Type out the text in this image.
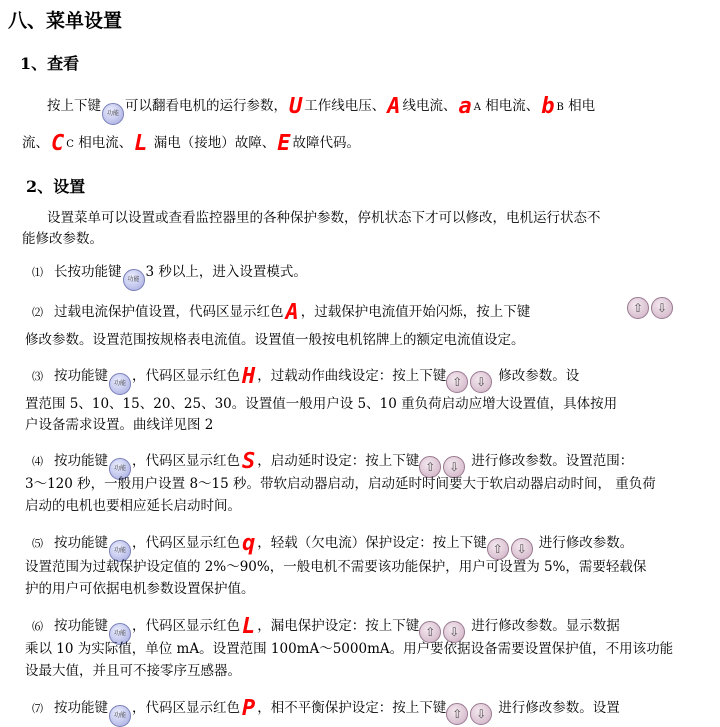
八、菜单设置
1、查看
按上下键 功能 可以翻看电机的运行参数，U 工作线电压、A 线电流、a A 相电流、b B 相电
流、C C 相电流、L 漏电（接地）故障、E 故障代码。
2、设置
设置菜单可以设置或查看监控器里的各种保护参数，停机状态下才可以修改，电机运行状态不
能修改参数。
⑴ 长按功能键 功能 3 秒以上，进入设置模式。
⑵ 过载电流保护值设置，代码区显示红色A ，过载保护电流值开始闪烁，按上下键	⇧ ⇩
修改参数。设置范围按规格表电流值。设置值一般按电机铭牌上的额定电流值设定。
⑶ 按功能键 功能 ，代码区显示红色H ，过载动作曲线设定：按上下键 ⇧ ⇩ 修改参数。设
置范围 5、10、15、20、25、30。设置值一般用户设 5、10 重负荷启动应增大设置值，具体按用
户设备需求设置。曲线详见图 2
⑷ 按功能键 功能 ，代码区显示红色S ，启动延时设定：按上下键 ⇧ ⇩ 进行修改参数。设置范围：
3～120 秒，一般用户设置 8～15 秒。带软启动器启动，启动延时时间要大于软启动器启动时间， 重负荷
启动的电机也要相应延长启动时间。
⑸ 按功能键 功能 ，代码区显示红色q ，轻载（欠电流）保护设定：按上下键 ⇧ ⇩ 进行修改参数。
设置范围为过载保护设定值的 2%～90%，一般电机不需要该功能保护，用户可设置为 5%，需要轻载保
护的用户可依据电机参数设置保护值。
⑹ 按功能键 功能 ，代码区显示红色L ，漏电保护设定：按上下键 ⇧ ⇩ 进行修改参数。显示数据
乘以 10 为实际值，单位 mA。设置范围 100mA～5000mA。用户要依据设备需要设置保护值，不用该功能
设最大值，并且可不接零序互感器。
⑺ 按功能键 功能 ，代码区显示红色P ，相不平衡保护设定：按上下键 ⇧ ⇩ 进行修改参数。设置
